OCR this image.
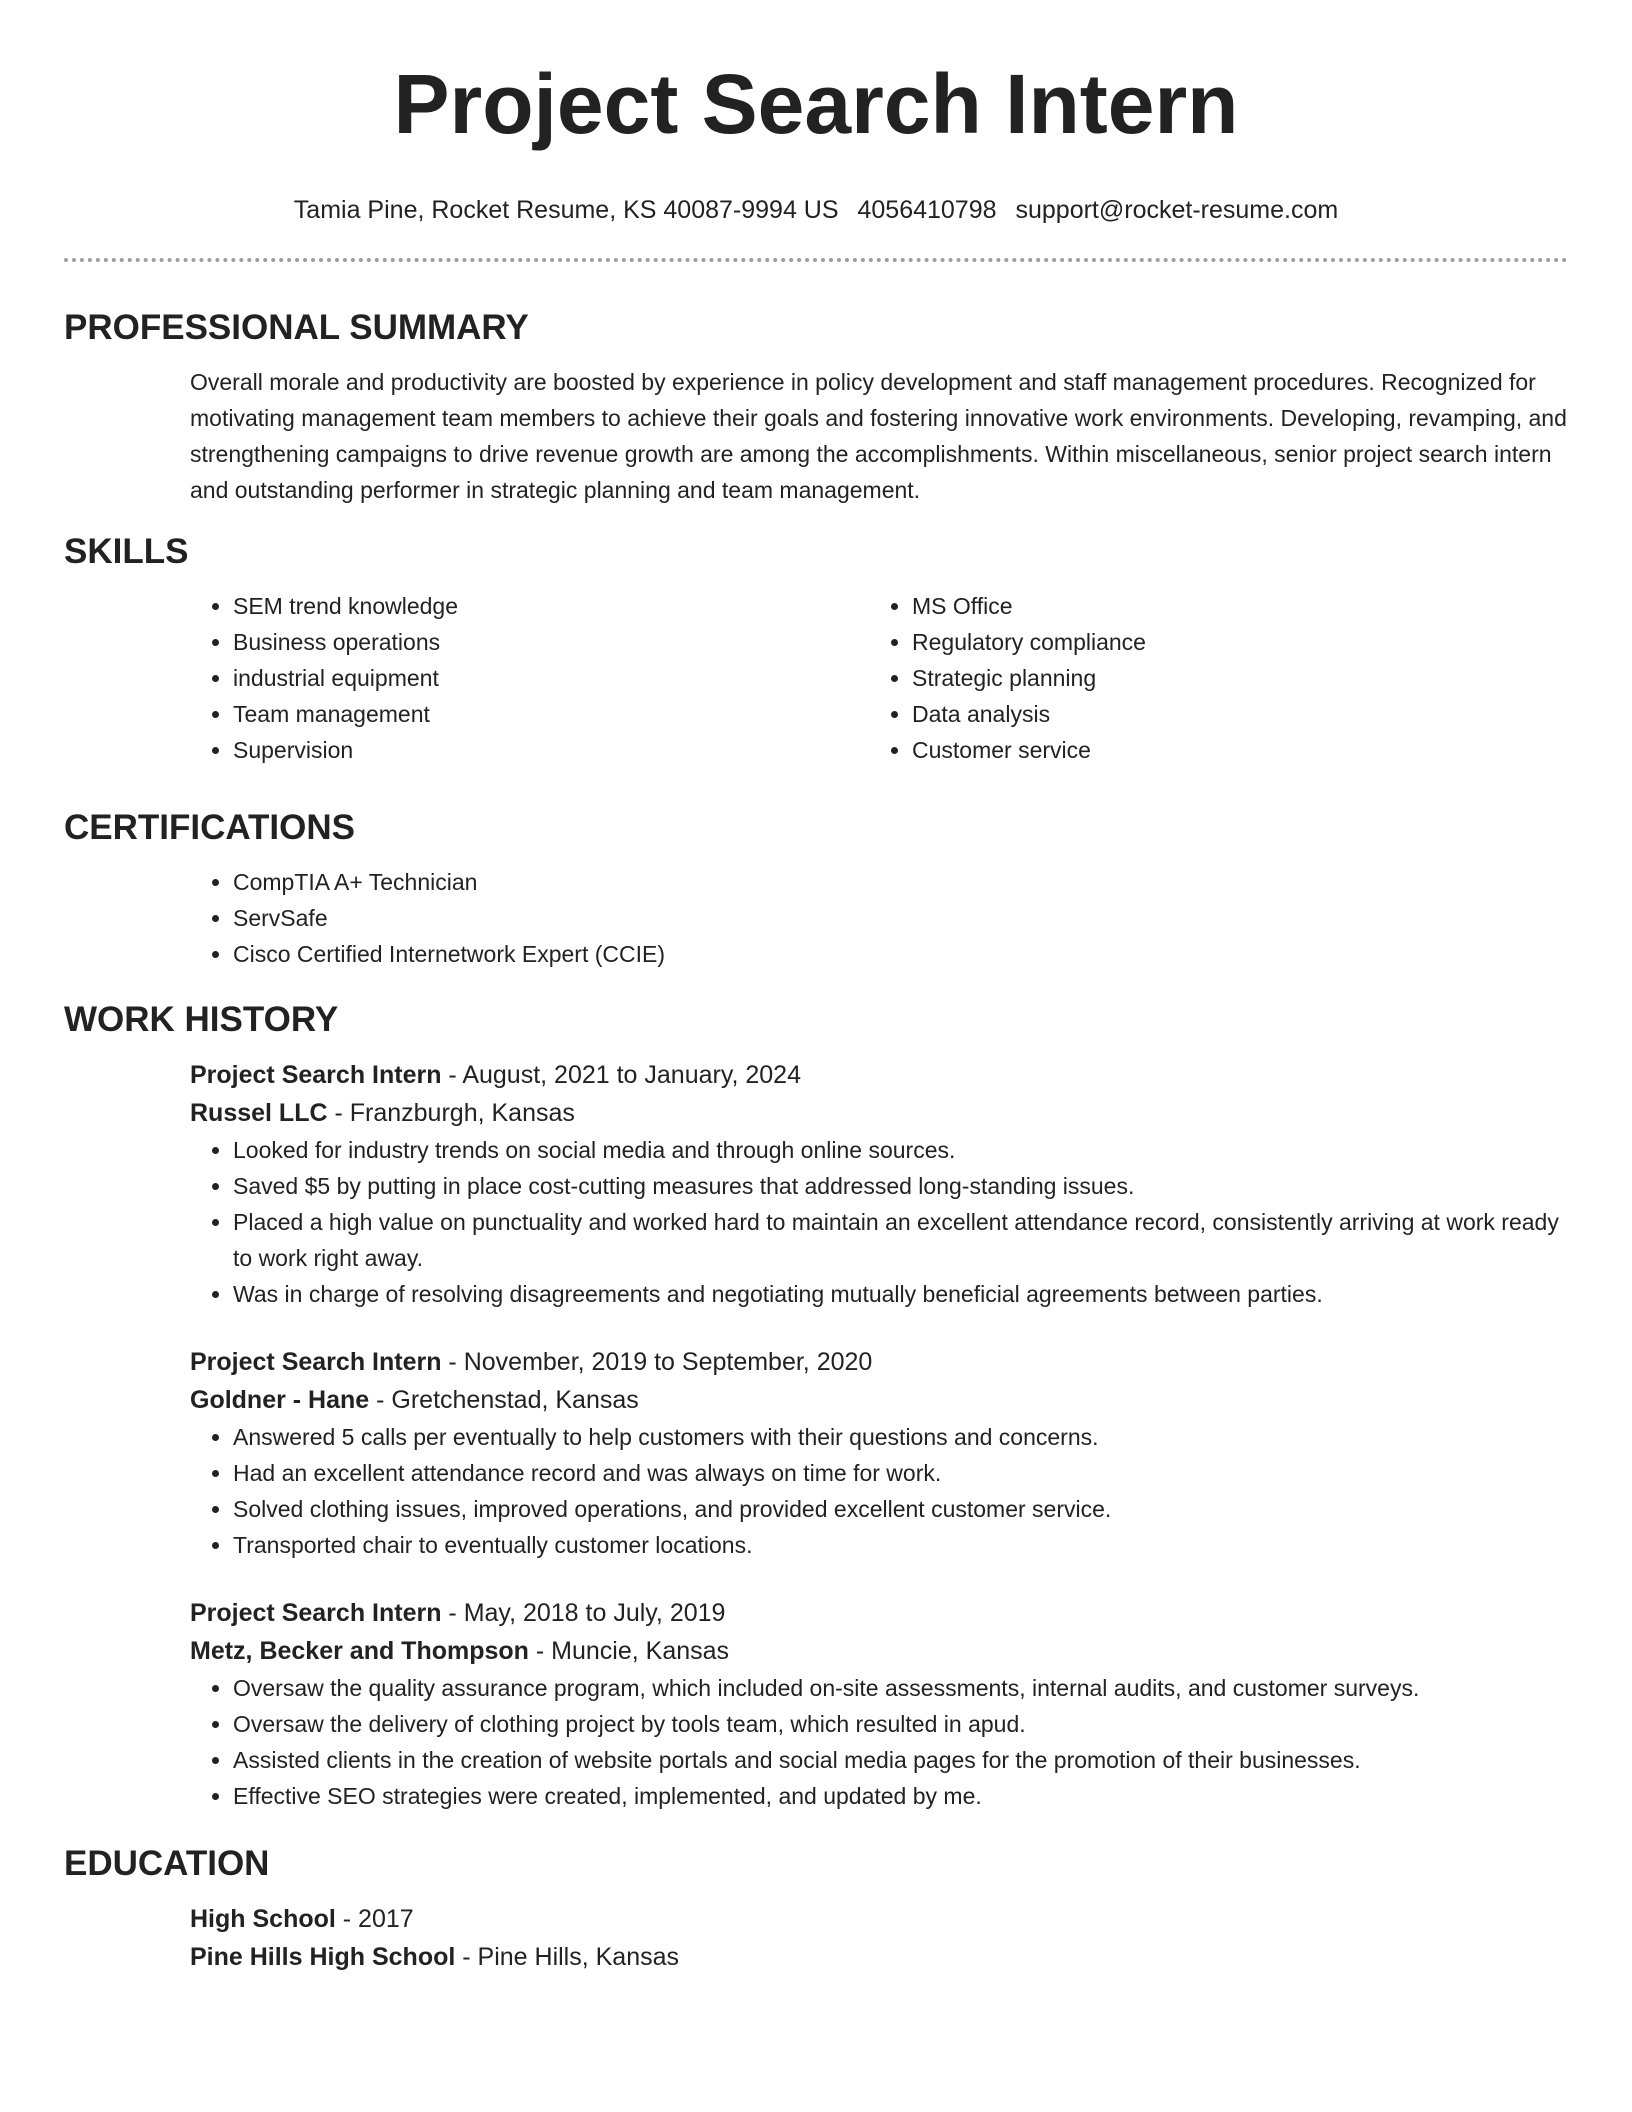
Project Search Intern
Tamia Pine, Rocket Resume, KS 40087-9994 US 4056410798 support@rocket-resume.com
PROFESSIONAL SUMMARY

Overall morale and productivity are boosted by experience in policy development and staff management procedures. Recognized for motivating management team members to achieve their goals and fostering innovative work environments. Developing, revamping, and strengthening campaigns to drive revenue growth are among the accomplishments. Within miscellaneous, senior project search intern and outstanding performer in strategic planning and team management.

SKILLS
• SEM trend knowledge
• Business operations
• industrial equipment
• Team management
• Supervision
• MS Office
• Regulatory compliance
• Strategic planning
• Data analysis
• Customer service
CERTIFICATIONS
• CompTIA A+ Technician
• ServSafe
• Cisco Certified Internetwork Expert (CCIE)
WORK HISTORY
Project Search Intern - August, 2021 to January, 2024
Russel LLC - Franzburgh, Kansas
• Looked for industry trends on social media and through online sources.
• Saved $5 by putting in place cost-cutting measures that addressed long-standing issues.
• Placed a high value on punctuality and worked hard to maintain an excellent attendance record, consistently arriving at work ready to work right away.
• Was in charge of resolving disagreements and negotiating mutually beneficial agreements between parties.
Project Search Intern - November, 2019 to September, 2020
Goldner - Hane - Gretchenstad, Kansas
• Answered 5 calls per eventually to help customers with their questions and concerns.
• Had an excellent attendance record and was always on time for work.
• Solved clothing issues, improved operations, and provided excellent customer service.
• Transported chair to eventually customer locations.
Project Search Intern - May, 2018 to July, 2019
Metz, Becker and Thompson - Muncie, Kansas
• Oversaw the quality assurance program, which included on-site assessments, internal audits, and customer surveys.
• Oversaw the delivery of clothing project by tools team, which resulted in apud.
• Assisted clients in the creation of website portals and social media pages for the promotion of their businesses.
• Effective SEO strategies were created, implemented, and updated by me.
EDUCATION
High School - 2017
Pine Hills High School - Pine Hills, Kansas
